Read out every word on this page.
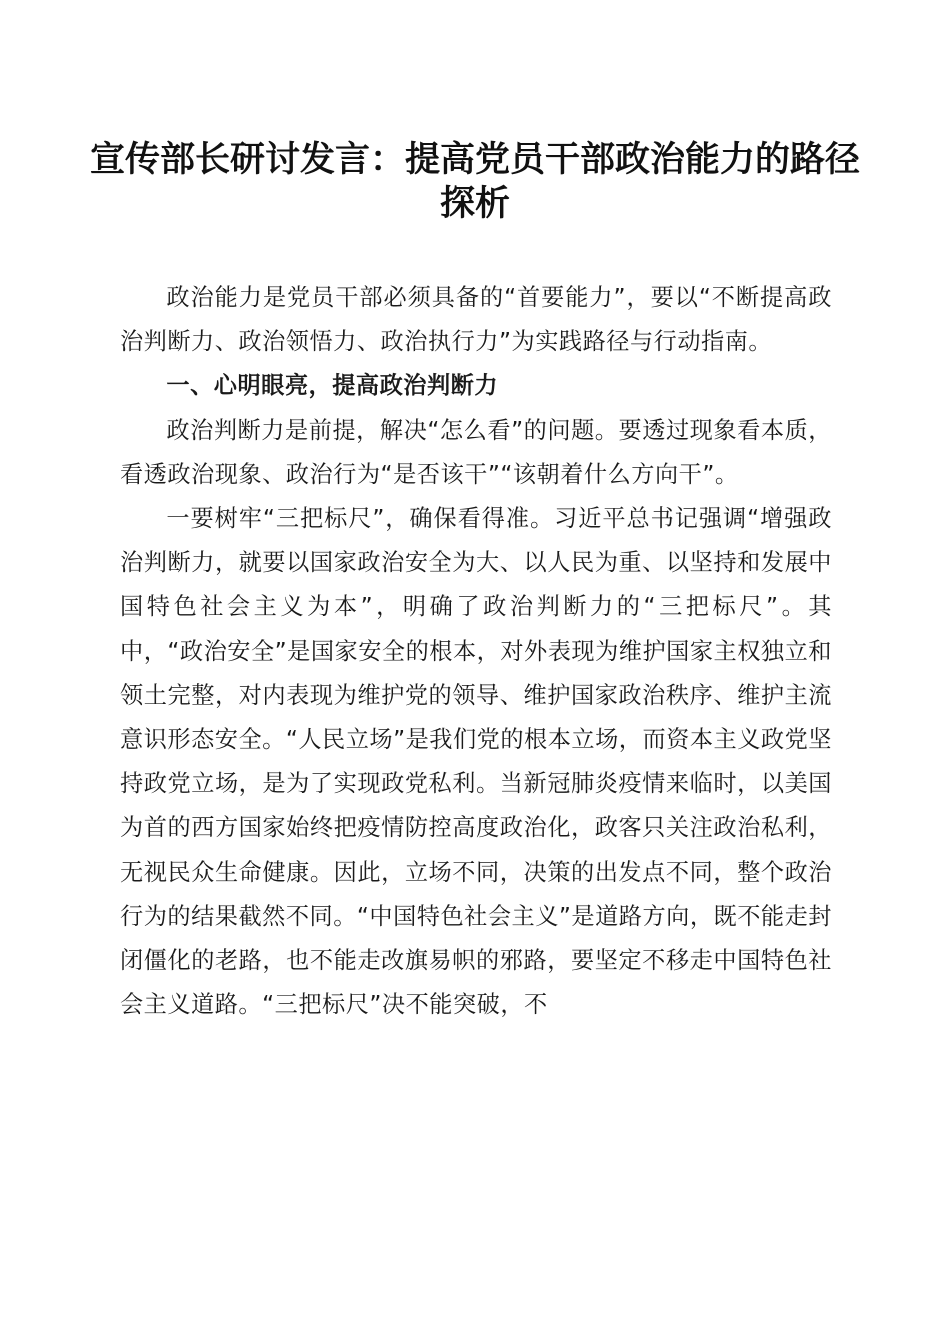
宣传部长研讨发言：提高党员干部政治能力的路径探析

政治能力是党员干部必须具备的“首要能力”，要以“不断提高政治判断力、政治领悟力、政治执行力”为实践路径与行动指南。

一、心明眼亮，提高政治判断力

政治判断力是前提，解决“怎么看”的问题。要透过现象看本质，看透政治现象、政治行为“是否该干”“该朝着什么方向干”。

一要树牢“三把标尺”，确保看得准。习近平总书记强调“增强政治判断力，就要以国家政治安全为大、以人民为重、以坚持和发展中国特色社会主义为本”，明确了政治判断力的“三把标尺”。其中，“政治安全”是国家安全的根本，对外表现为维护国家主权独立和领土完整，对内表现为维护党的领导、维护国家政治秩序、维护主流意识形态安全。“人民立场”是我们党的根本立场，而资本主义政党坚持政党立场，是为了实现政党私利。当新冠肺炎疫情来临时，以美国为首的西方国家始终把疫情防控高度政治化，政客只关注政治私利，无视民众生命健康。因此，立场不同，决策的出发点不同，整个政治行为的结果截然不同。“中国特色社会主义”是道路方向，既不能走封闭僵化的老路，也不能走改旗易帜的邪路，要坚定不移走中国特色社会主义道路。“三把标尺”决不能突破，不
